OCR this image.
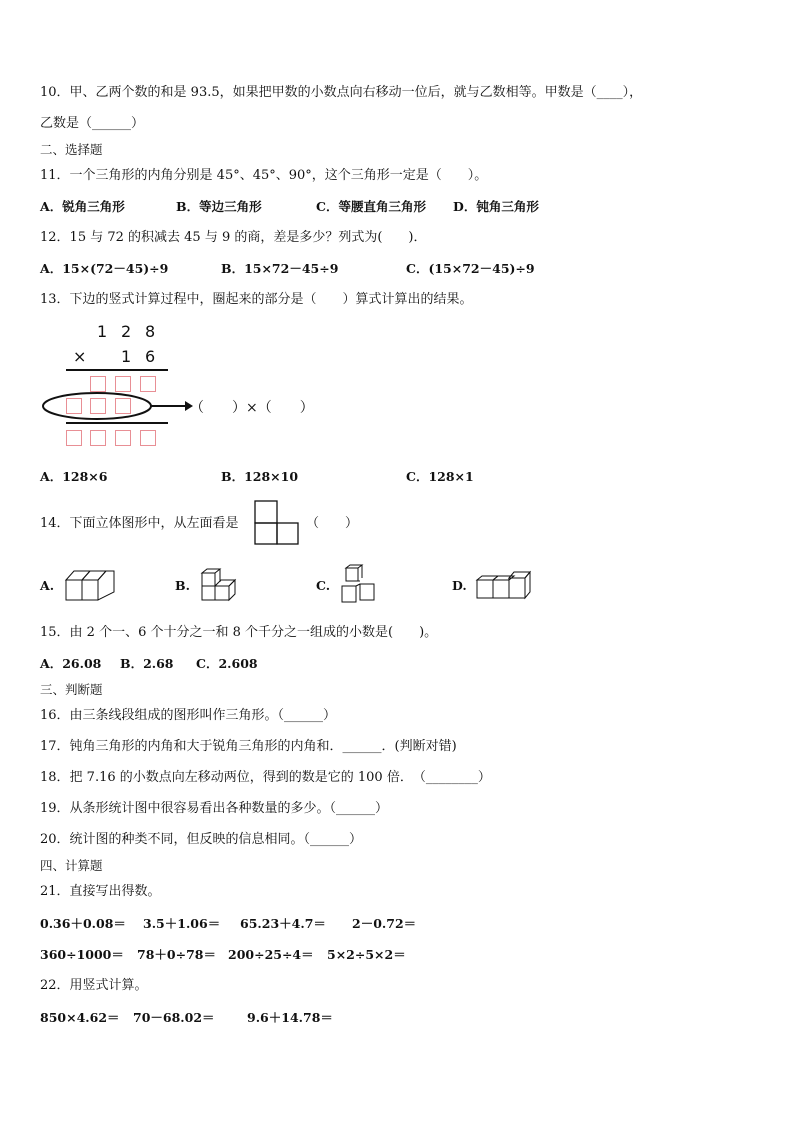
10．甲、乙两个数的和是 93.5，如果把甲数的小数点向右移动一位后，就与乙数相等。甲数是（____），
乙数是（______）
二、选择题
11．一个三角形的内角分别是 45°、45°、90°，这个三角形一定是（　　）。
A．锐角三角形	B．等边三角形	C．等腰直角三角形 D．钝角三角形
12．15 与 72 的积减去 45 与 9 的商，差是多少？列式为(　　)．
A．15×(72－45)÷9	B．15×72－45÷9	C．(15×72－45)÷9
13．下边的竖式计算过程中，圈起来的部分是（　　）算式计算出的结果。
1 2 8
× 1 6
（　　）×（　　）
A．128×6	B．128×10	C．128×1
14．下面立体图形中，从左面看是	（　　）
A.	B.	C.	D.
15．由 2 个一、6 个十分之一和 8 个千分之一组成的小数是(　　)。
A．26.08 B．2.68 C．2.608
三、判断题
16．由三条线段组成的图形叫作三角形。（______）
17．钝角三角形的内角和大于锐角三角形的内角和．______．(判断对错)
18．把 7.16 的小数点向左移动两位，得到的数是它的 100 倍．　（________）
19．从条形统计图中很容易看出各种数量的多少。（______）
20．统计图的种类不同，但反映的信息相同。（______）
四、计算题
21．直接写出得数。
0.36＋0.08＝ 3.5＋1.06＝ 65.23＋4.7＝ 2－0.72＝
360÷1000＝ 78＋0÷78＝ 200÷25÷4＝ 5×2÷5×2＝
22．用竖式计算。
850×4.62＝ 70－68.02＝	9.6＋14.78＝
